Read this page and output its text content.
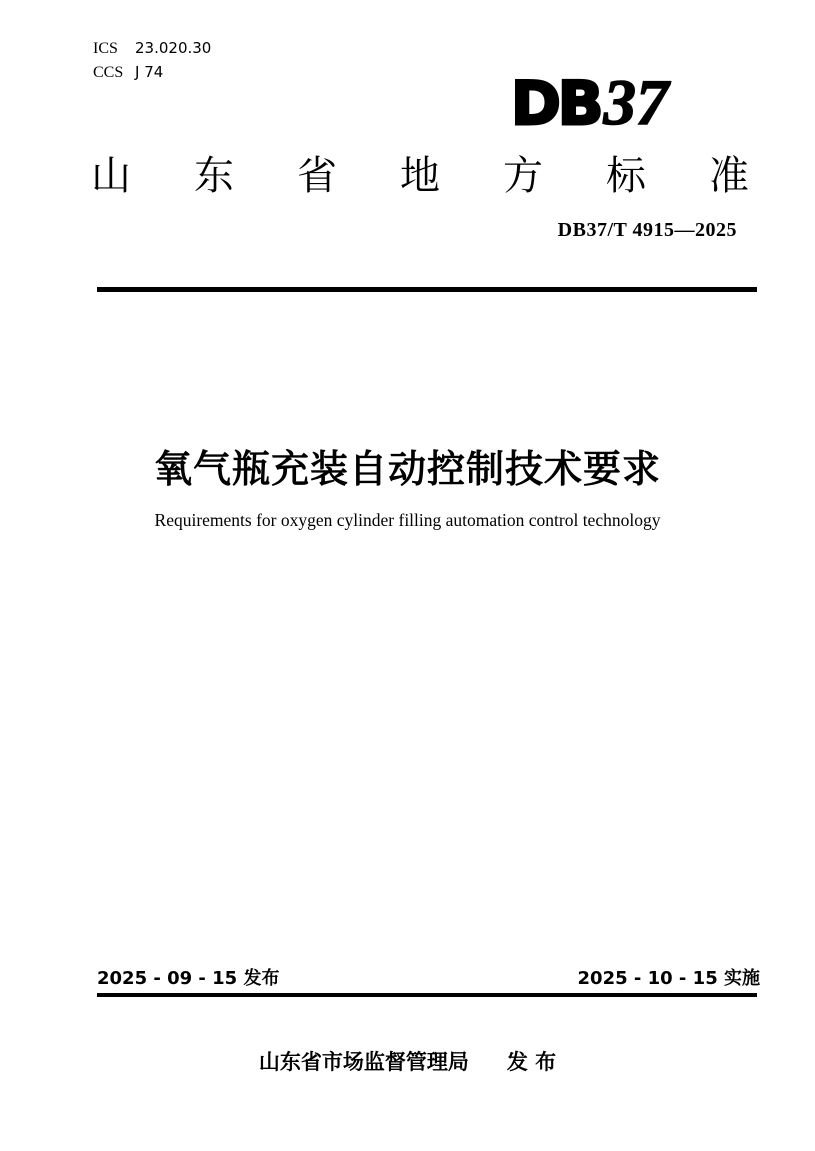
ICS 23.020.30
CCS J 74	DB37
山 东 省 地 方 标 准
DB37/T 4915—2025
氧气瓶充装自动控制技术要求
Requirements for oxygen cylinder filling automation control technology
2025 - 09 - 15 发布	2025 - 10 - 15 实施
山东省市场监督管理局 发 布
